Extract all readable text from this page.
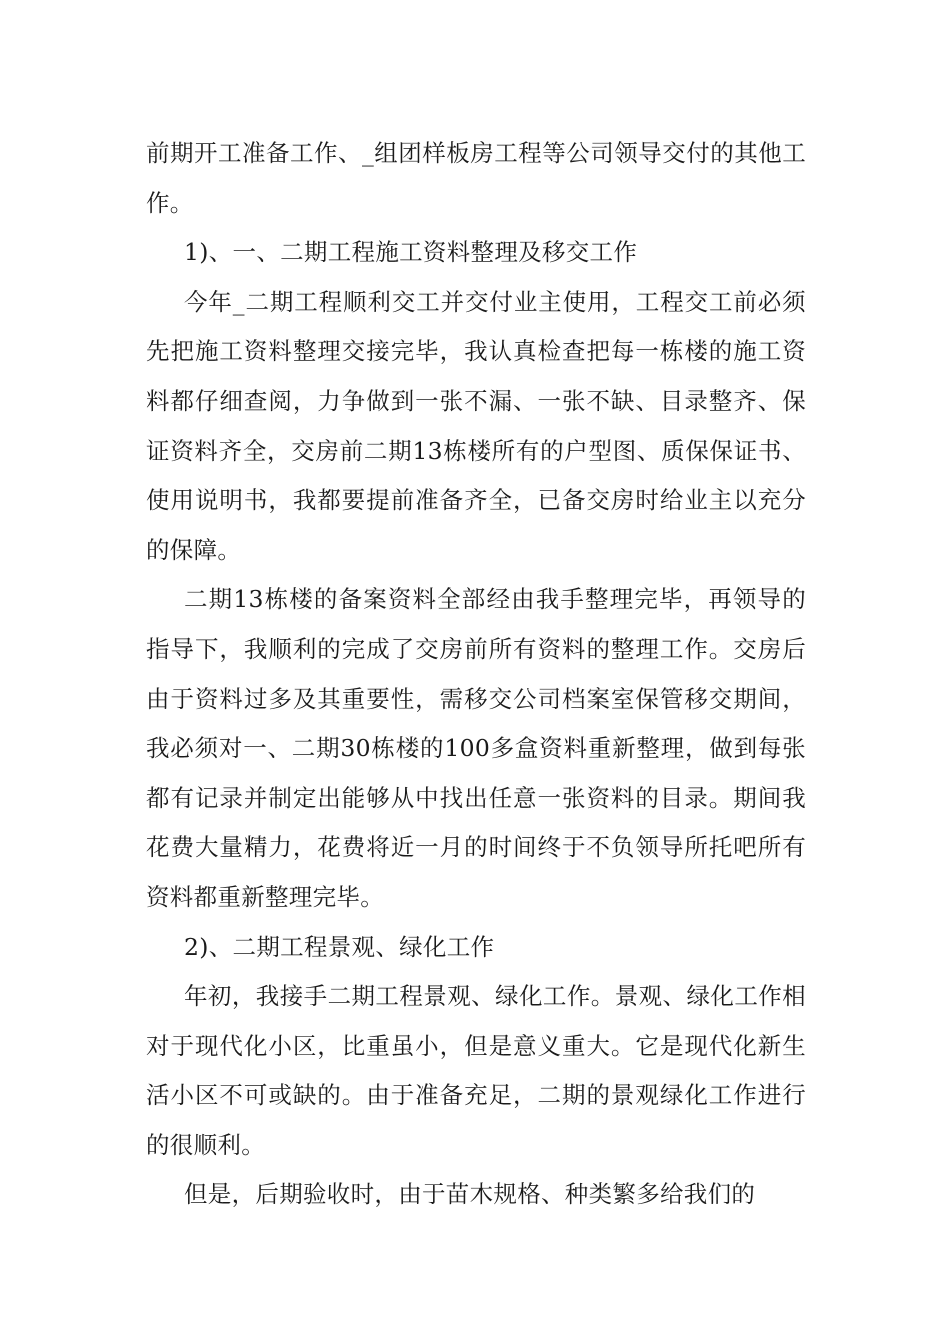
前期开工准备工作、_组团样板房工程等公司领导交付的其他工作。

1)、一、二期工程施工资料整理及移交工作

今年_二期工程顺利交工并交付业主使用，工程交工前必须先把施工资料整理交接完毕，我认真检查把每一栋楼的施工资料都仔细查阅，力争做到一张不漏、一张不缺、目录整齐、保证资料齐全，交房前二期13栋楼所有的户型图、质保保证书、使用说明书，我都要提前准备齐全，已备交房时给业主以充分的保障。

二期13栋楼的备案资料全部经由我手整理完毕，再领导的指导下，我顺利的完成了交房前所有资料的整理工作。交房后由于资料过多及其重要性，需移交公司档案室保管移交期间，我必须对一、二期30栋楼的100多盒资料重新整理，做到每张都有记录并制定出能够从中找出任意一张资料的目录。期间我花费大量精力，花费将近一月的时间终于不负领导所托吧所有资料都重新整理完毕。

2)、二期工程景观、绿化工作

年初，我接手二期工程景观、绿化工作。景观、绿化工作相对于现代化小区，比重虽小，但是意义重大。它是现代化新生活小区不可或缺的。由于准备充足，二期的景观绿化工作进行的很顺利。

但是，后期验收时，由于苗木规格、种类繁多给我们的
